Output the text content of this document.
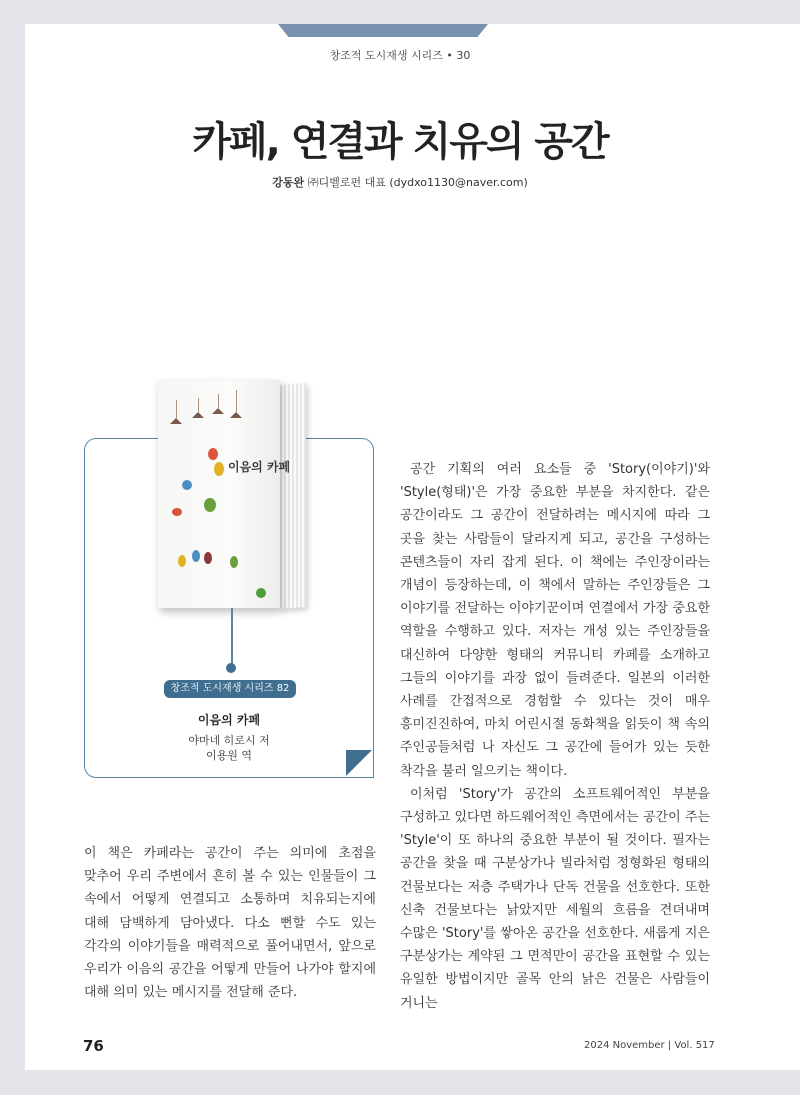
창조적 도시재생 시리즈 • 30
카페, 연결과 치유의 공간
강동완 ㈜디벨로펀 대표 (dydxo1130@naver.com)
이음의 카페
창조적 도시재생 시리즈 82
이음의 카페
야마네 히로시 저
이용원 역

공간 기획의 여러 요소들 중 'Story(이야기)'와 'Style(형태)'은 가장 중요한 부분을 차지한다. 같은 공간이라도 그 공간이 전달하려는 메시지에 따라 그 곳을 찾는 사람들이 달라지게 되고, 공간을 구성하는 콘텐츠들이 자리 잡게 된다. 이 책에는 주인장이라는 개념이 등장하는데, 이 책에서 말하는 주인장들은 그 이야기를 전달하는 이야기꾼이며 연결에서 가장 중요한 역할을 수행하고 있다. 저자는 개성 있는 주인장들을 대신하여 다양한 형태의 커뮤니티 카페를 소개하고 그들의 이야기를 과장 없이 들려준다. 일본의 이러한 사례를 간접적으로 경험할 수 있다는 것이 매우 흥미진진하여, 마치 어린시절 동화책을 읽듯이 책 속의 주인공들처럼 나 자신도 그 공간에 들어가 있는 듯한 착각을 불러 일으키는 책이다.

이처럼 'Story'가 공간의 소프트웨어적인 부분을 구성하고 있다면 하드웨어적인 측면에서는 공간이 주는 'Style'이 또 하나의 중요한 부분이 될 것이다. 필자는 공간을 찾을 때 구분상가나 빌라처럼 정형화된 형태의 건물보다는 저층 주택가나 단독 건물을 선호한다. 또한 신축 건물보다는 낡았지만 세월의 흐름을 견뎌내며 수많은 'Story'를 쌓아온 공간을 선호한다. 새롭게 지은 구분상가는 계약된 그 면적만이 공간을 표현할 수 있는 유일한 방법이지만 골목 안의 낡은 건물은 사람들이 거니는

이 책은 카페라는 공간이 주는 의미에 초점을 맞추어 우리 주변에서 흔히 볼 수 있는 인물들이 그 속에서 어떻게 연결되고 소통하며 치유되는지에 대해 담백하게 담아냈다. 다소 뻔할 수도 있는 각각의 이야기들을 매력적으로 풀어내면서, 앞으로 우리가 이음의 공간을 어떻게 만들어 나가야 할지에 대해 의미 있는 메시지를 전달해 준다.

76	2024 November | Vol. 517
